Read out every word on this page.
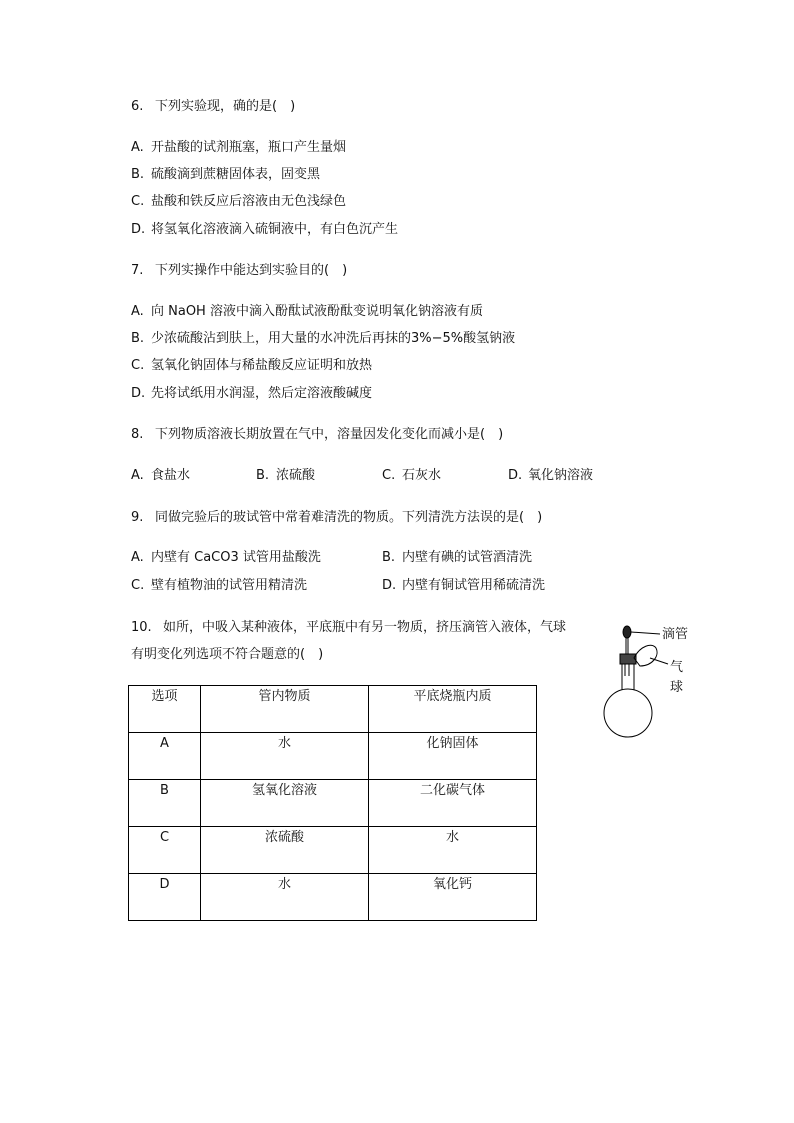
6. 下列实验现，确的是(　)
A. 开盐酸的试剂瓶塞，瓶口产生量烟
B. 硫酸滴到蔗糖固体表，固变黑
C. 盐酸和铁反应后溶液由无色浅绿色
D. 将氢氧化溶液滴入硫铜液中，有白色沉产生
7. 下列实操作中能达到实验目的(　)
A. 向 NaOH 溶液中滴入酚酞试液酚酞变说明氧化钠溶液有质
B. 少浓硫酸沾到肤上，用大量的水冲洗后再抹的3%−5%酸氢钠液
C. 氢氧化钠固体与稀盐酸反应证明和放热
D. 先将试纸用水润湿，然后定溶液酸碱度
8. 下列物质溶液长期放置在气中，溶量因发化变化而减小是(　)
A. 食盐水	B. 浓硫酸	C. 石灰水	D. 氧化钠溶液
9. 同做完验后的玻试管中常着难清洗的物质。下列清洗方法误的是(　)
A. 内壁有 CaCO3 试管用盐酸洗	B. 内壁有碘的试管酒清洗
C. 壁有植物油的试管用精清洗	D. 内壁有铜试管用稀硫清洗
10. 如所，中吸入某种液体，平底瓶中有另一物质，挤压滴管入液体，气球
有明变化列选项不符合题意的(　)
滴管
气
球
选项	管内物质	平底烧瓶内质
A	水	化钠固体
B	氢氧化溶液	二化碳气体
C	浓硫酸	水
D	水	氧化钙
